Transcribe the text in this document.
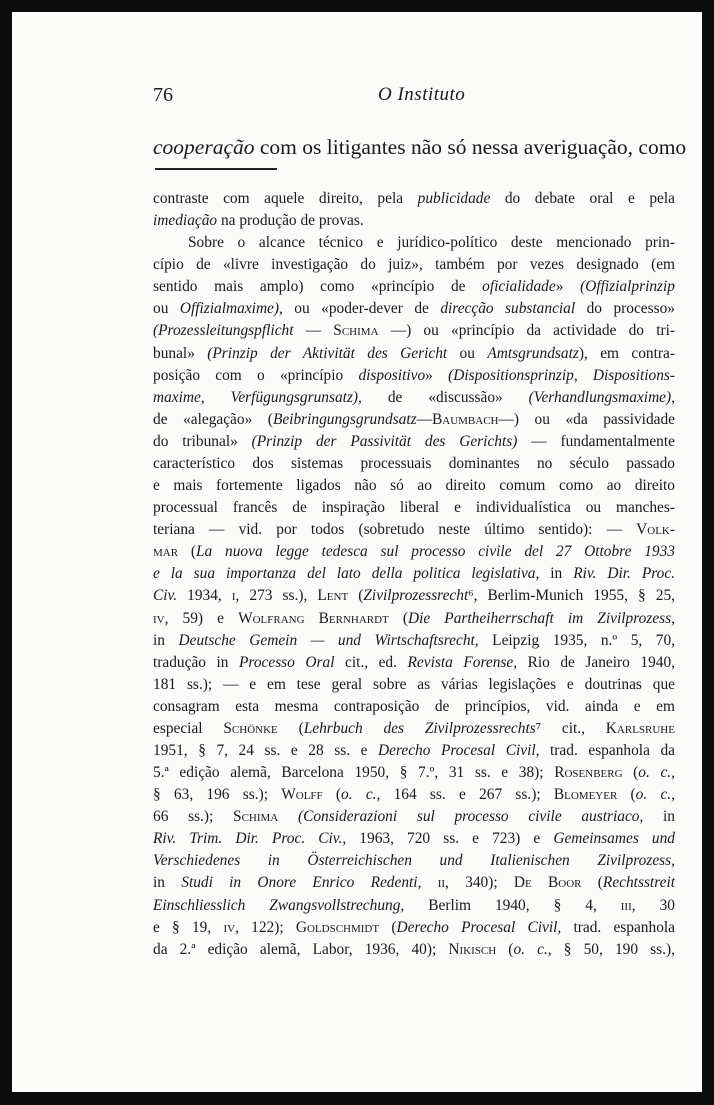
76	O Instituto
cooperação com os litigantes não só nessa averiguação, como
contraste com aquele direito, pela publicidade do debate oral e pela
imediação na produção de provas.
Sobre o alcance técnico e jurídico-político deste mencionado prin-
cípio de «livre investigação do juiz», também por vezes designado (em
sentido mais amplo) como «princípio de oficialidade» (Offizialprinzip
ou Offizialmaxime), ou «poder-dever de direcção substancial do processo»
(Prozessleitungspflicht — Schima —) ou «princípio da actividade do tri-
bunal» (Prinzip der Aktivität des Gericht ou Amtsgrundsatz), em contra-
posição com o «princípio dispositivo» (Dispositionsprinzip, Dispositions-
maxime, Verfügungsgrunsatz), de «discussão» (Verhandlungsmaxime),
de «alegação» (Beibringungsgrundsatz—Baumbach—) ou «da passividade
do tribunal» (Prinzip der Passivität des Gerichts) — fundamentalmente
característico dos sistemas processuais dominantes no século passado
e mais fortemente ligados não só ao direito comum como ao direito
processual francês de inspiração liberal e individualística ou manches-
teriana — vid. por todos (sobretudo neste último sentido): — Volk-
mar (La nuova legge tedesca sul processo civile del 27 Ottobre 1933
e la sua importanza del lato della politica legislativa, in Riv. Dir. Proc.
Civ. 1934, i, 273 ss.), Lent (Zivilprozessrecht⁶, Berlim-Munich 1955, § 25,
iv, 59) e Wolfrang Bernhardt (Die Partheiherrschaft im Zivilprozess,
in Deutsche Gemein — und Wirtschaftsrecht, Leipzig 1935, n.º 5, 70,
tradução in Processo Oral cit., ed. Revista Forense, Rio de Janeiro 1940,
181 ss.); — e em tese geral sobre as várias legislações e doutrinas que
consagram esta mesma contraposição de princípios, vid. ainda e em
especial Schönke (Lehrbuch des Zivilprozessrechts⁷ cit., Karlsruhe
1951, § 7, 24 ss. e 28 ss. e Derecho Procesal Civil, trad. espanhola da
5.ª edição alemã, Barcelona 1950, § 7.º, 31 ss. e 38); Rosenberg (o. c.,
§ 63, 196 ss.); Wolff (o. c., 164 ss. e 267 ss.); Blomeyer (o. c.,
66 ss.); Schima (Considerazioni sul processo civile austriaco, in
Riv. Trim. Dir. Proc. Civ., 1963, 720 ss. e 723) e Gemeinsames und
Verschiedenes in Österreichischen und Italienischen Zivilprozess,
in Studi in Onore Enrico Redenti, ii, 340); De Boor (Rechtsstreit
Einschliesslich Zwangsvollstrechung, Berlim 1940, § 4, iii, 30
e § 19, iv, 122); Goldschmidt (Derecho Procesal Civil, trad. espanhola
da 2.ª edição alemã, Labor, 1936, 40); Nikisch (o. c., § 50, 190 ss.),
